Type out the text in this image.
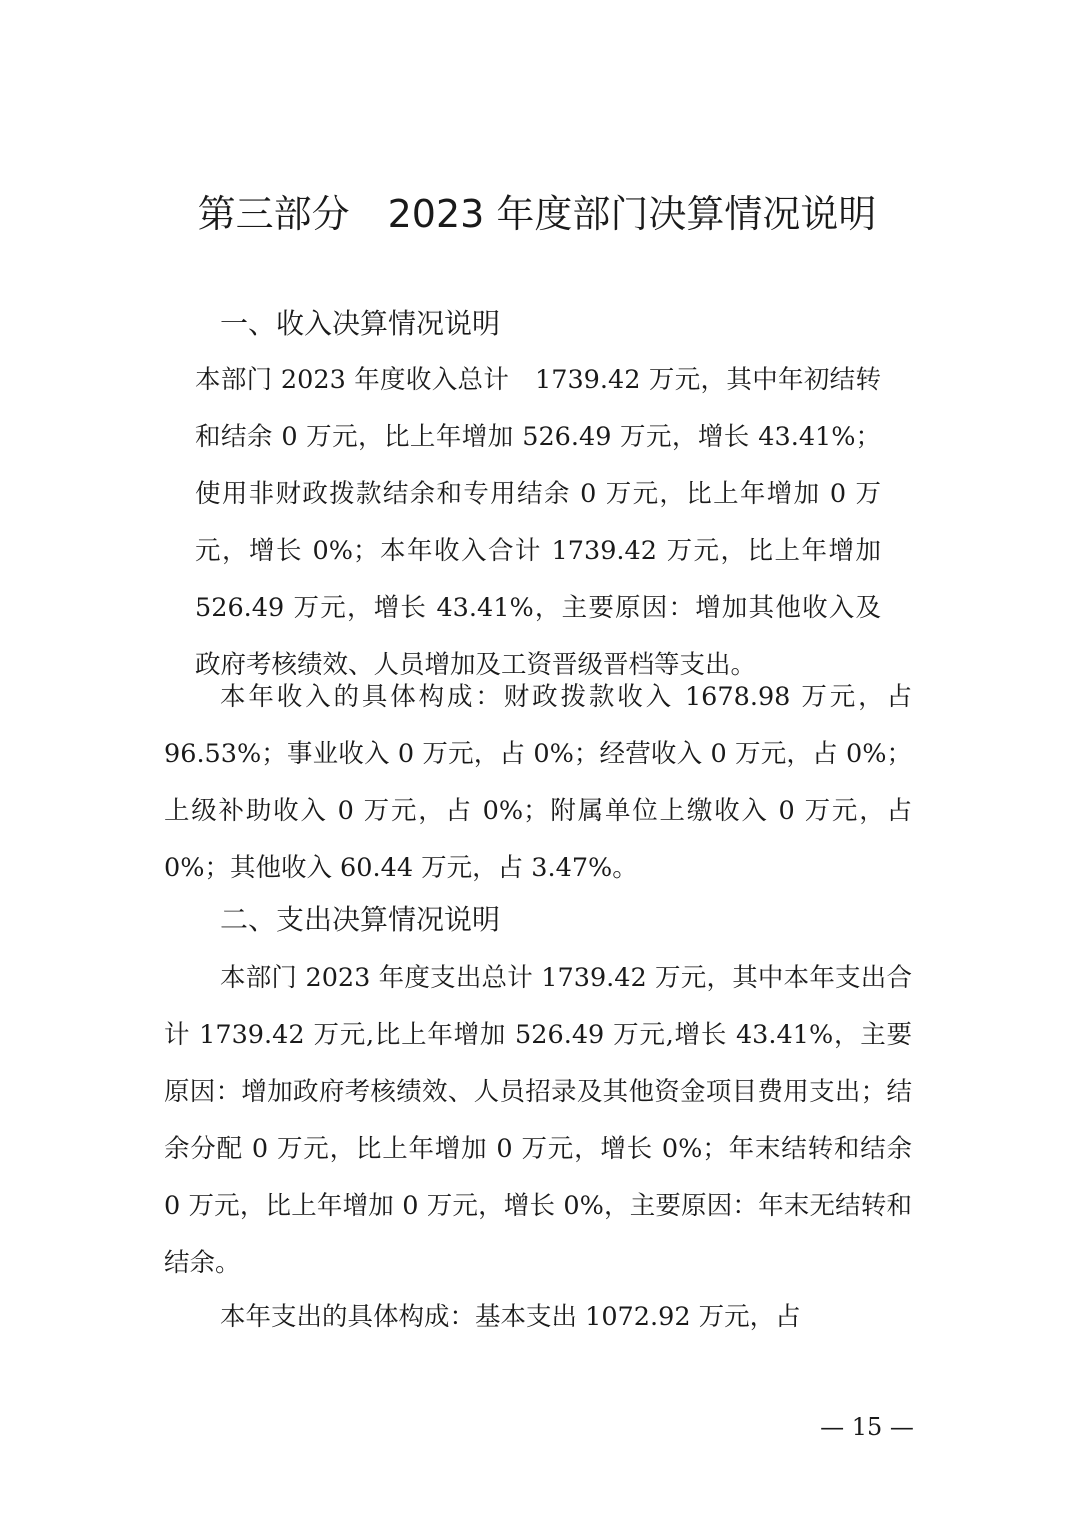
第三部分　2023 年度部门决算情况说明
一、收入决算情况说明

本部门 2023 年度收入总计　1739.42 万元，其中年初结转和结余 0 万元，比上年增加 526.49 万元，增长 43.41%；使用非财政拨款结余和专用结余 0 万元，比上年增加 0 万元，增长 0%；本年收入合计 1739.42 万元，比上年增加 526.49 万元，增长 43.41%，主要原因：增加其他收入及政府考核绩效、人员增加及工资晋级晋档等支出。

本年收入的具体构成：财政拨款收入 1678.98 万元，占 96.53%；事业收入 0 万元，占 0%；经营收入 0 万元，占 0%；上级补助收入 0 万元，占 0%；附属单位上缴收入 0 万元，占 0%；其他收入 60.44 万元，占 3.47%。

二、支出决算情况说明

本部门 2023 年度支出总计 1739.42 万元，其中本年支出合计 1739.42 万元,比上年增加 526.49 万元,增长 43.41%，主要原因：增加政府考核绩效、人员招录及其他资金项目费用支出；结余分配 0 万元，比上年增加 0 万元，增长 0%；年末结转和结余 0 万元，比上年增加 0 万元，增长 0%，主要原因：年末无结转和结余。

本年支出的具体构成：基本支出 1072.92 万元，占

— 15 —
